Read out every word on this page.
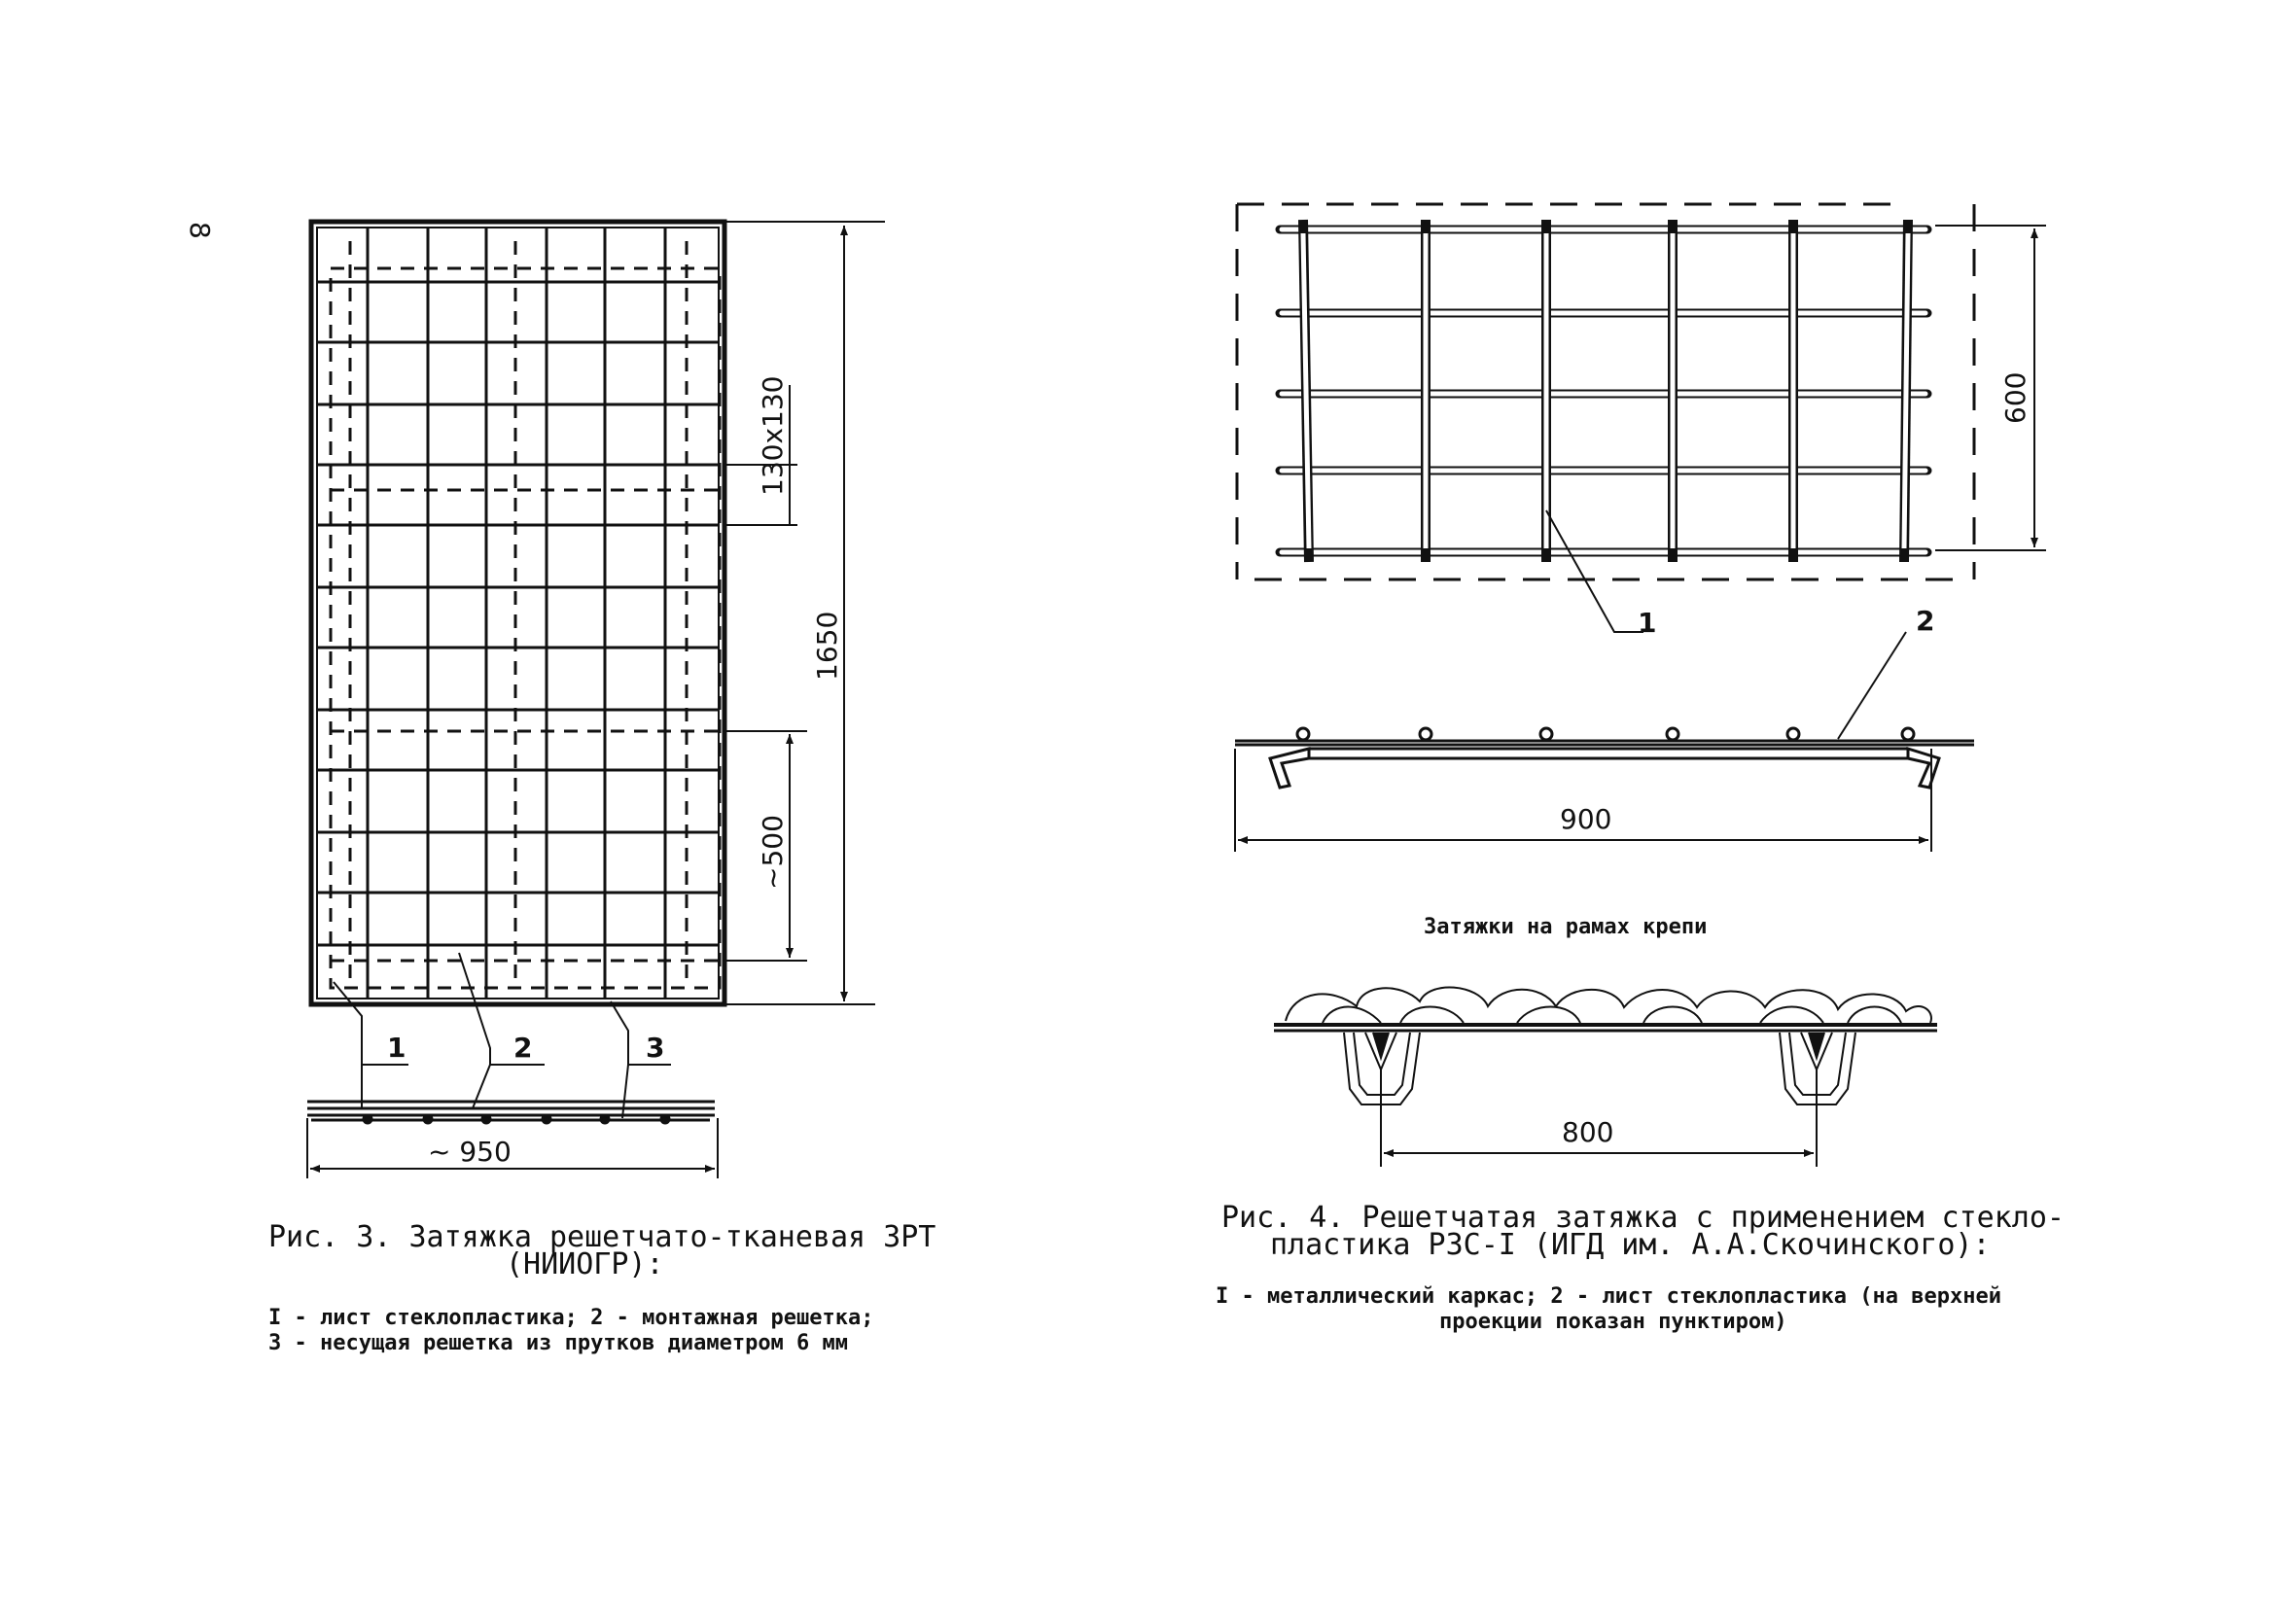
8
1650
130x130
~500
~ 950
1	2	3
Рис. 3. Затяжка решетчато-тканевая ЗРТ
(НИИОГР):
I - лист стеклопластика; 2 - монтажная решетка;
3 - несущая решетка из прутков диаметром 6 мм
600
900
800
1	2
Затяжки на рамах крепи
Рис. 4. Решетчатая затяжка с применением стекло-
пластика РЗС-I (ИГД им. А.А.Скочинского):
I - металлический каркас; 2 - лист стеклопластика (на верхней
проекции показан пунктиром)
